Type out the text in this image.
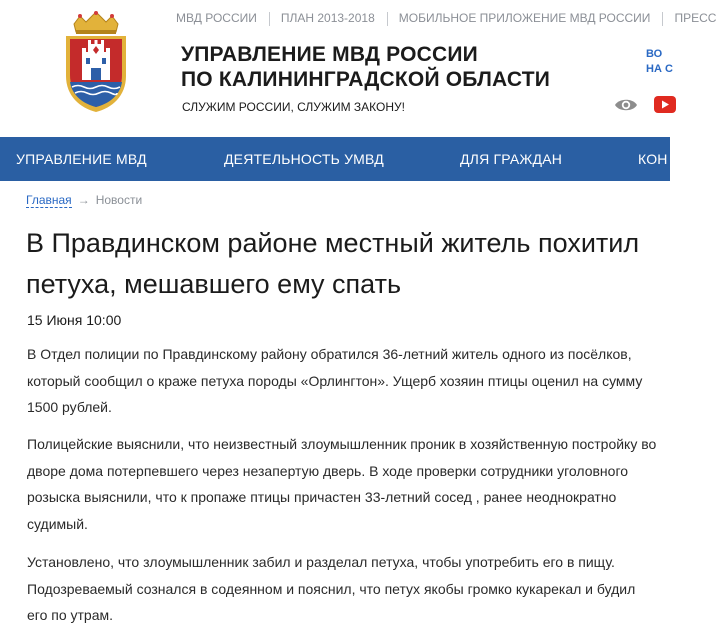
МВД РОССИИ ПЛАН 2013-2018 МОБИЛЬНОЕ ПРИЛОЖЕНИЕ МВД РОССИИ ПРЕСС
УПРАВЛЕНИЕ МВД РОССИИ
ПО КАЛИНИНГРАДСКОЙ ОБЛАСТИ
СЛУЖИМ РОССИИ, СЛУЖИМ ЗАКОНУ!
ВО
НА С
УПРАВЛЕНИЕ МВД	ДЕЯТЕЛЬНОСТЬ УМВД	ДЛЯ ГРАЖДАН	КОН
Главная → Новости
В Правдинском районе местный житель похитил петуха, мешавшего ему спать
15 Июня 10:00

В Отдел полиции по Правдинскому району обратился 36-летний житель одного из посёлков, который сообщил о краже петуха породы «Орлингтон». Ущерб хозяин птицы оценил на сумму 1500 рублей.

Полицейские выяснили, что неизвестный злоумышленник проник в хозяйственную постройку во дворе дома потерпевшего через незапертую дверь. В ходе проверки сотрудники уголовного розыска выяснили, что к пропаже птицы причастен 33-летний сосед , ранее неоднократно судимый.

Установлено, что злоумышленник забил и разделал петуха, чтобы употребить его в пищу. Подозреваемый сознался в содеянном и пояснил, что петух якобы громко кукарекал и будил его по утрам.
